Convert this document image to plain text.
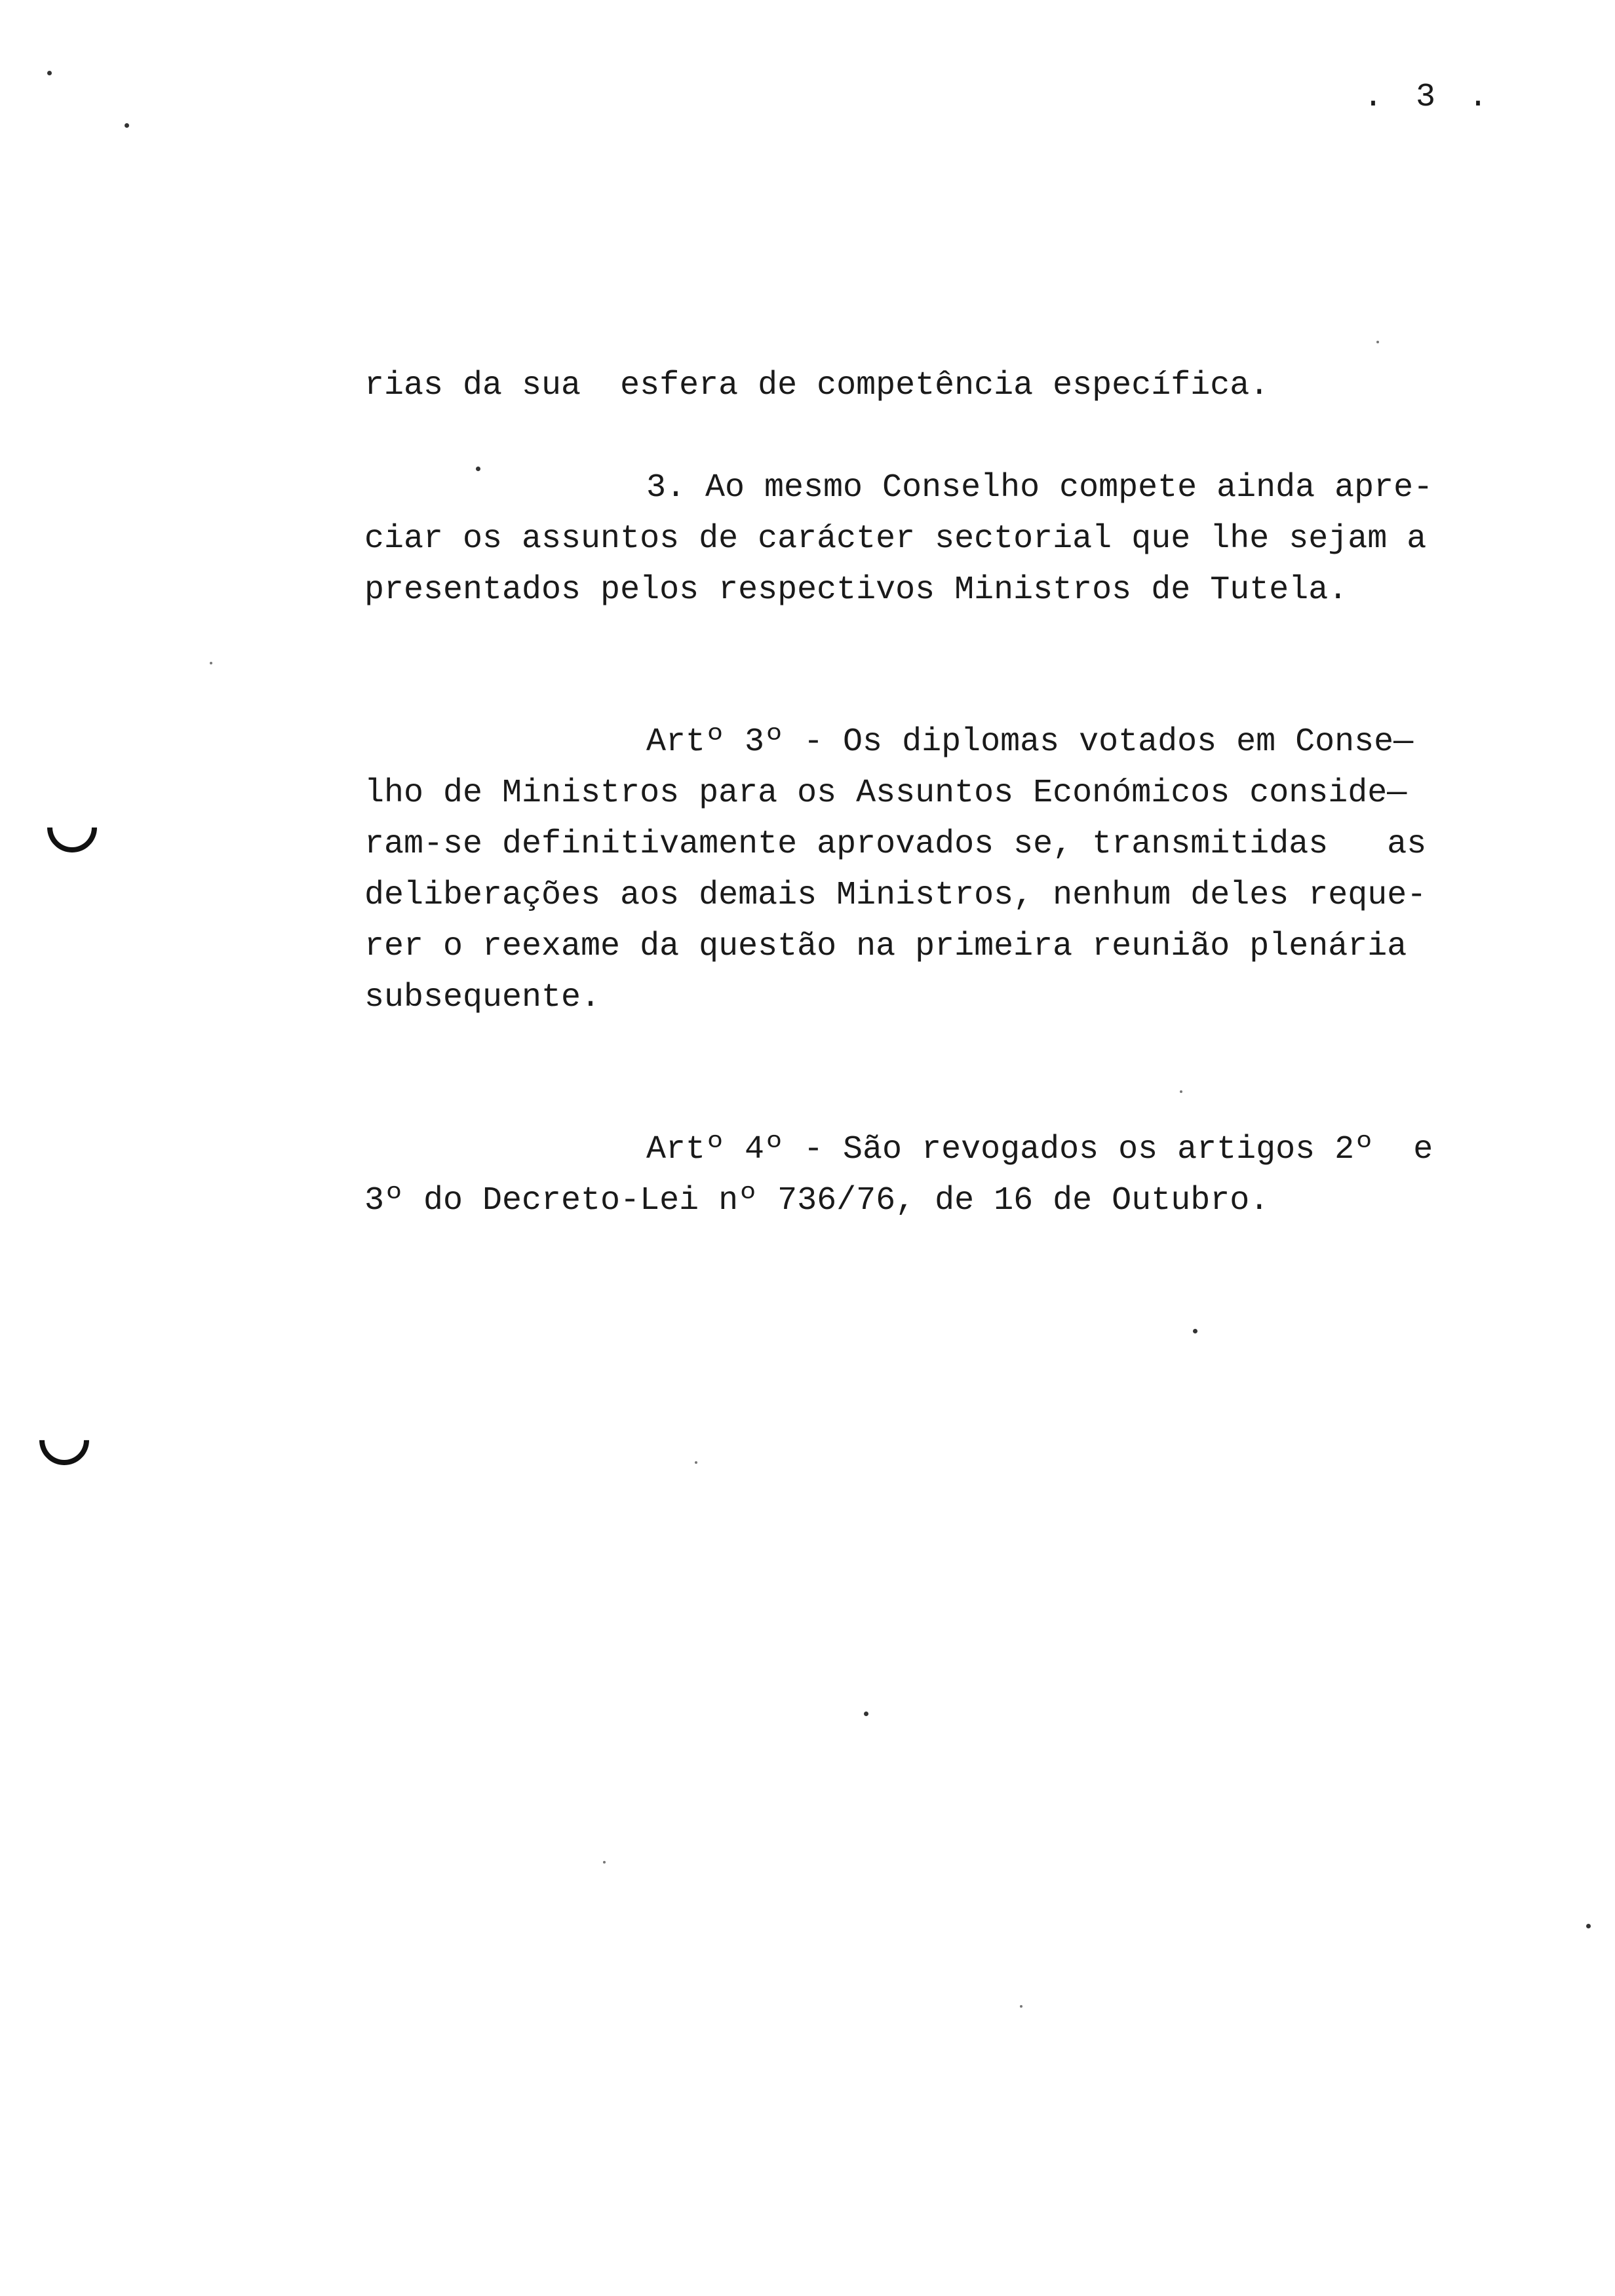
. 3 .
rias da sua  esfera de competência específica.
3. Ao mesmo Conselho compete ainda apre-
ciar os assuntos de carácter sectorial que lhe sejam a
presentados pelos respectivos Ministros de Tutela.
Artº 3º - Os diplomas votados em Conse—
lho de Ministros para os Assuntos Económicos conside—
ram-se definitivamente aprovados se, transmitidas   as
deliberações aos demais Ministros, nenhum deles reque-
rer o reexame da questão na primeira reunião plenária
subsequente.
Artº 4º - São revogados os artigos 2º  e
3º do Decreto-Lei nº 736/76, de 16 de Outubro.
